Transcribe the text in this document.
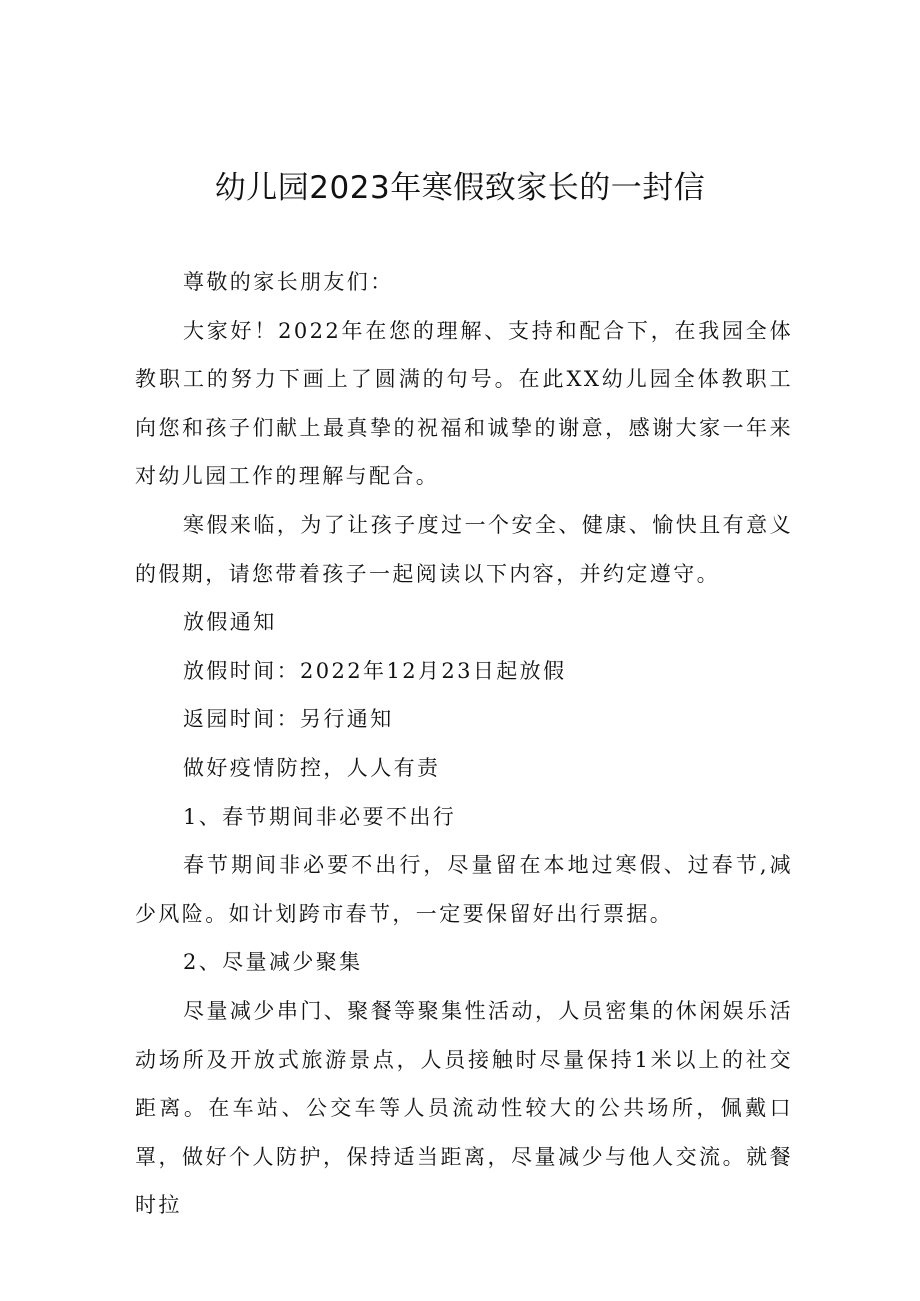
幼儿园2023年寒假致家长的一封信

尊敬的家长朋友们：

大家好！2022年在您的理解、支持和配合下，在我园全体教职工的努力下画上了圆满的句号。在此XX幼儿园全体教职工向您和孩子们献上最真挚的祝福和诚挚的谢意，感谢大家一年来对幼儿园工作的理解与配合。

寒假来临，为了让孩子度过一个安全、健康、愉快且有意义的假期，请您带着孩子一起阅读以下内容，并约定遵守。

放假通知

放假时间：2022年12月23日起放假

返园时间：另行通知

做好疫情防控，人人有责

1、春节期间非必要不出行

春节期间非必要不出行，尽量留在本地过寒假、过春节,减少风险。如计划跨市春节，一定要保留好出行票据。

2、尽量减少聚集

尽量减少串门、聚餐等聚集性活动，人员密集的休闲娱乐活动场所及开放式旅游景点，人员接触时尽量保持1米以上的社交距离。在车站、公交车等人员流动性较大的公共场所，佩戴口罩，做好个人防护，保持适当距离，尽量减少与他人交流。就餐时拉
